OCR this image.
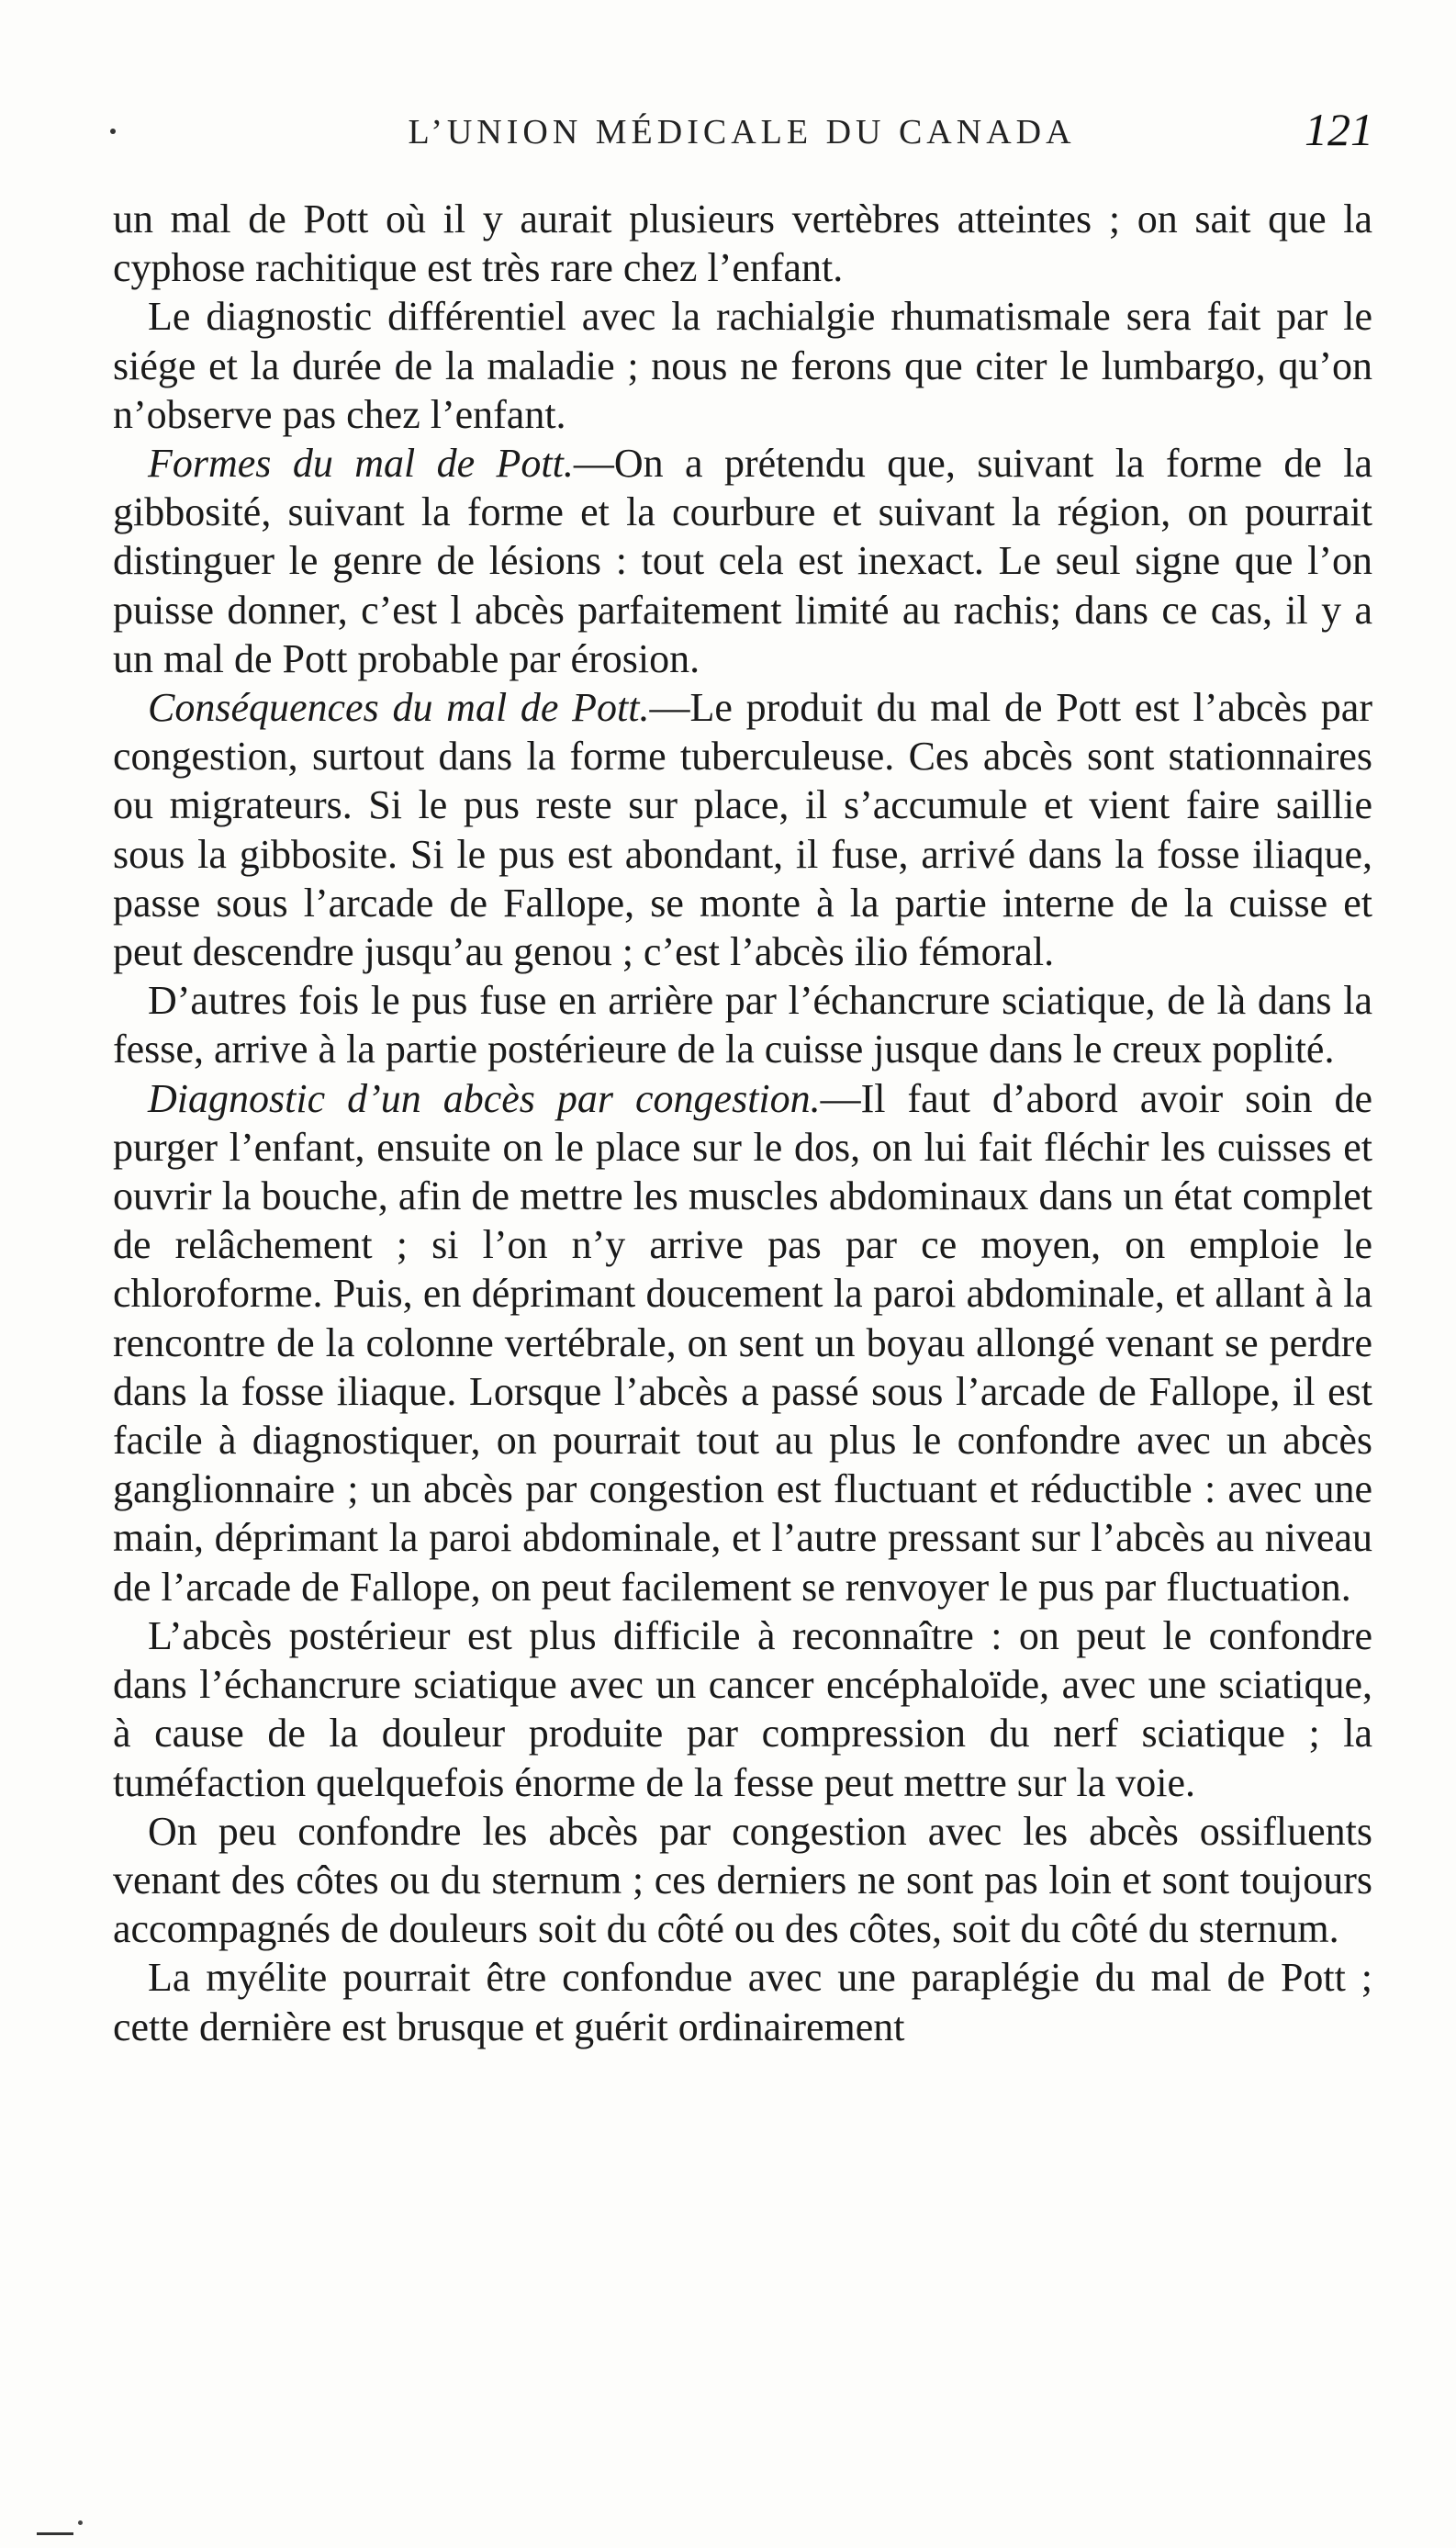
L’UNION MÉDICALE DU CANADA	121

un mal de Pott où il y aurait plusieurs vertèbres atteintes ; on sait que la cyphose rachitique est très rare chez l’enfant.

Le diagnostic différentiel avec la rachialgie rhumatismale sera fait par le siége et la durée de la maladie ; nous ne ferons que citer le lumbargo, qu’on n’observe pas chez l’enfant.

Formes du mal de Pott.—On a prétendu que, suivant la forme de la gibbosité, suivant la forme et la courbure et suivant la région, on pourrait distinguer le genre de lésions : tout cela est inexact. Le seul signe que l’on puisse donner, c’est l abcès parfaitement limité au rachis; dans ce cas, il y a un mal de Pott probable par érosion.

Conséquences du mal de Pott.—Le produit du mal de Pott est l’abcès par congestion, surtout dans la forme tuberculeuse. Ces abcès sont stationnaires ou migrateurs. Si le pus reste sur place, il s’accumule et vient faire saillie sous la gibbosite. Si le pus est abondant, il fuse, arrivé dans la fosse iliaque, passe sous l’arcade de Fallope, se monte à la partie interne de la cuisse et peut descendre jusqu’au genou ; c’est l’abcès ilio fémoral.

D’autres fois le pus fuse en arrière par l’échancrure sciatique, de là dans la fesse, arrive à la partie postérieure de la cuisse jusque dans le creux poplité.

Diagnostic d’un abcès par congestion.—Il faut d’abord avoir soin de purger l’enfant, ensuite on le place sur le dos, on lui fait fléchir les cuisses et ouvrir la bouche, afin de mettre les muscles abdominaux dans un état complet de relâchement ; si l’on n’y arrive pas par ce moyen, on emploie le chloroforme. Puis, en déprimant doucement la paroi abdominale, et allant à la rencontre de la colonne vertébrale, on sent un boyau allongé venant se perdre dans la fosse iliaque. Lorsque l’abcès a passé sous l’arcade de Fallope, il est facile à diagnostiquer, on pourrait tout au plus le confondre avec un abcès ganglionnaire ; un abcès par congestion est fluctuant et réductible : avec une main, déprimant la paroi abdominale, et l’autre pressant sur l’abcès au niveau de l’arcade de Fallope, on peut facilement se renvoyer le pus par fluctuation.

L’abcès postérieur est plus difficile à reconnaître : on peut le confondre dans l’échancrure sciatique avec un cancer encéphaloïde, avec une sciatique, à cause de la douleur produite par compression du nerf sciatique ; la tuméfaction quelquefois énorme de la fesse peut mettre sur la voie.

On peu confondre les abcès par congestion avec les abcès ossifluents venant des côtes ou du sternum ; ces derniers ne sont pas loin et sont toujours accompagnés de douleurs soit du côté ou des côtes, soit du côté du sternum.

La myélite pourrait être confondue avec une paraplégie du mal de Pott ; cette dernière est brusque et guérit ordinairement
